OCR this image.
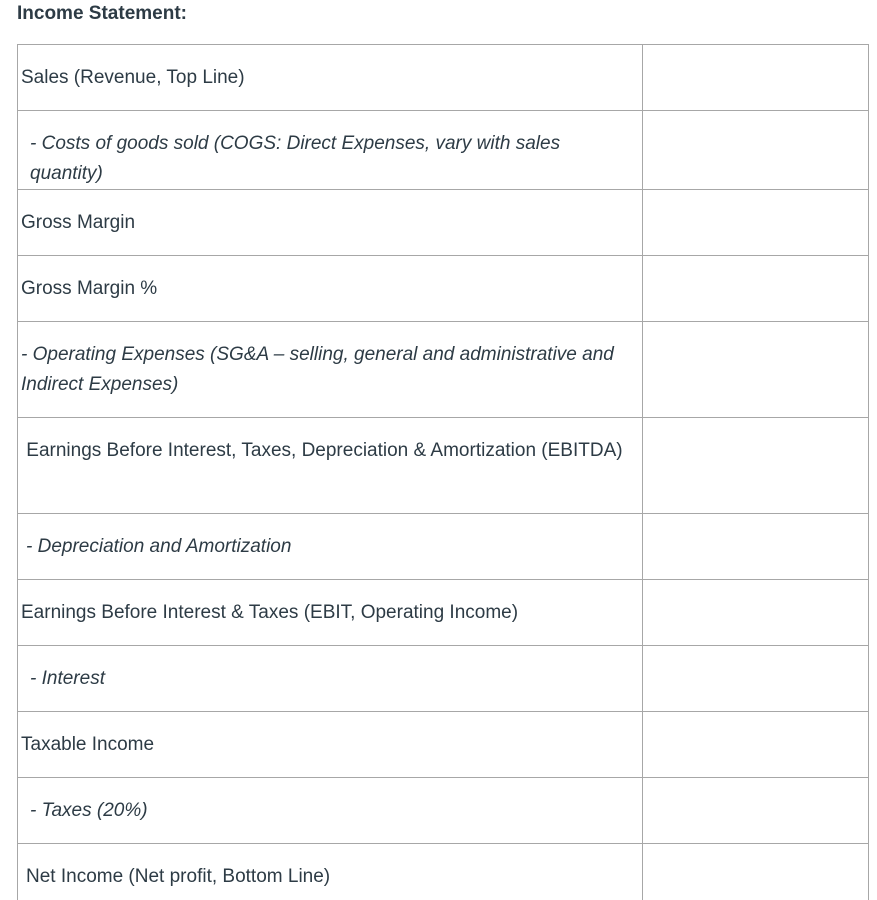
Income Statement:
Sales (Revenue, Top Line)	

- Costs of goods sold (COGS: Direct Expenses, vary with sales quantity)	

Gross Margin	

Gross Margin %	

- Operating Expenses (SG&A – selling, general and administrative and Indirect Expenses)	

Earnings Before Interest, Taxes, Depreciation & Amortization (EBITDA)	

- Depreciation and Amortization	

Earnings Before Interest & Taxes (EBIT, Operating Income)	

- Interest	

Taxable Income	

- Taxes (20%)	

Net Income (Net profit, Bottom Line)	
